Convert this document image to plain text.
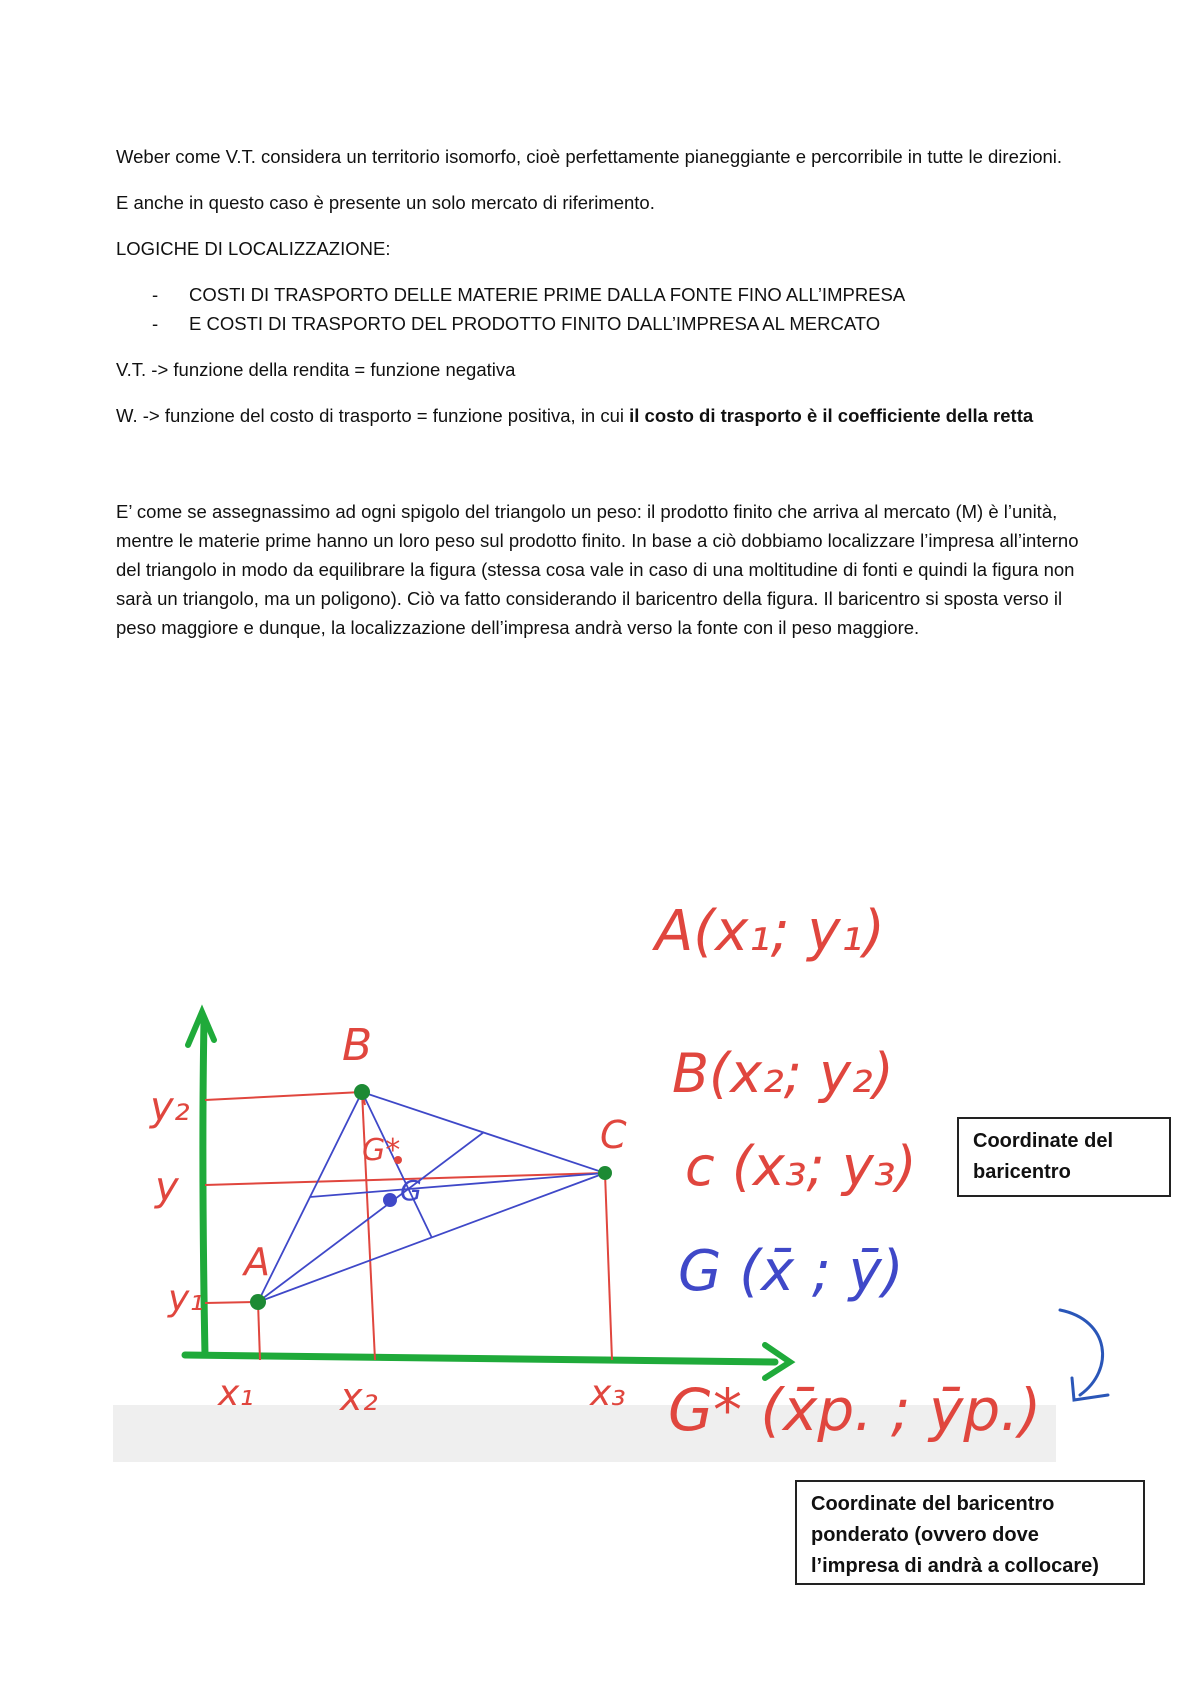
Weber come V.T. considera un territorio isomorfo, cioè perfettamente pianeggiante e percorribile in tutte le direzioni.

E anche in questo caso è presente un solo mercato di riferimento.

LOGICHE DI LOCALIZZAZIONE:

- COSTI DI TRASPORTO DELLE MATERIE PRIME DALLA FONTE FINO ALL’IMPRESA
- E COSTI DI TRASPORTO DEL PRODOTTO FINITO DALL’IMPRESA AL MERCATO

V.T. -> funzione della rendita = funzione negativa

W. -> funzione del costo di trasporto = funzione positiva, in cui il costo di trasporto è il coefficiente della retta

E’ come se assegnassimo ad ogni spigolo del triangolo un peso: il prodotto finito che arriva al mercato (M) è l’unità, mentre le materie prime hanno un loro peso sul prodotto finito. In base a ciò dobbiamo localizzare l’impresa all’interno del triangolo in modo da equilibrare la figura (stessa cosa vale in caso di una moltitudine di fonti e quindi la figura non sarà un triangolo, ma un poligono). Ciò va fatto considerando il baricentro della figura. Il baricentro si sposta verso il peso maggiore e dunque, la localizzazione dell’impresa andrà verso la fonte con il peso maggiore.

B
A
C
G*
G
y₂
y
y₁
x₁ x₂	x₃
A(x₁; y₁)
B(x₂; y₂)
c (x₃; y₃)
G (x̄ ; ȳ)
G* (x̄p. ; ȳp.)
Coordinate del baricentro
Coordinate del baricentro ponderato (ovvero dove l’impresa di andrà a collocare)
